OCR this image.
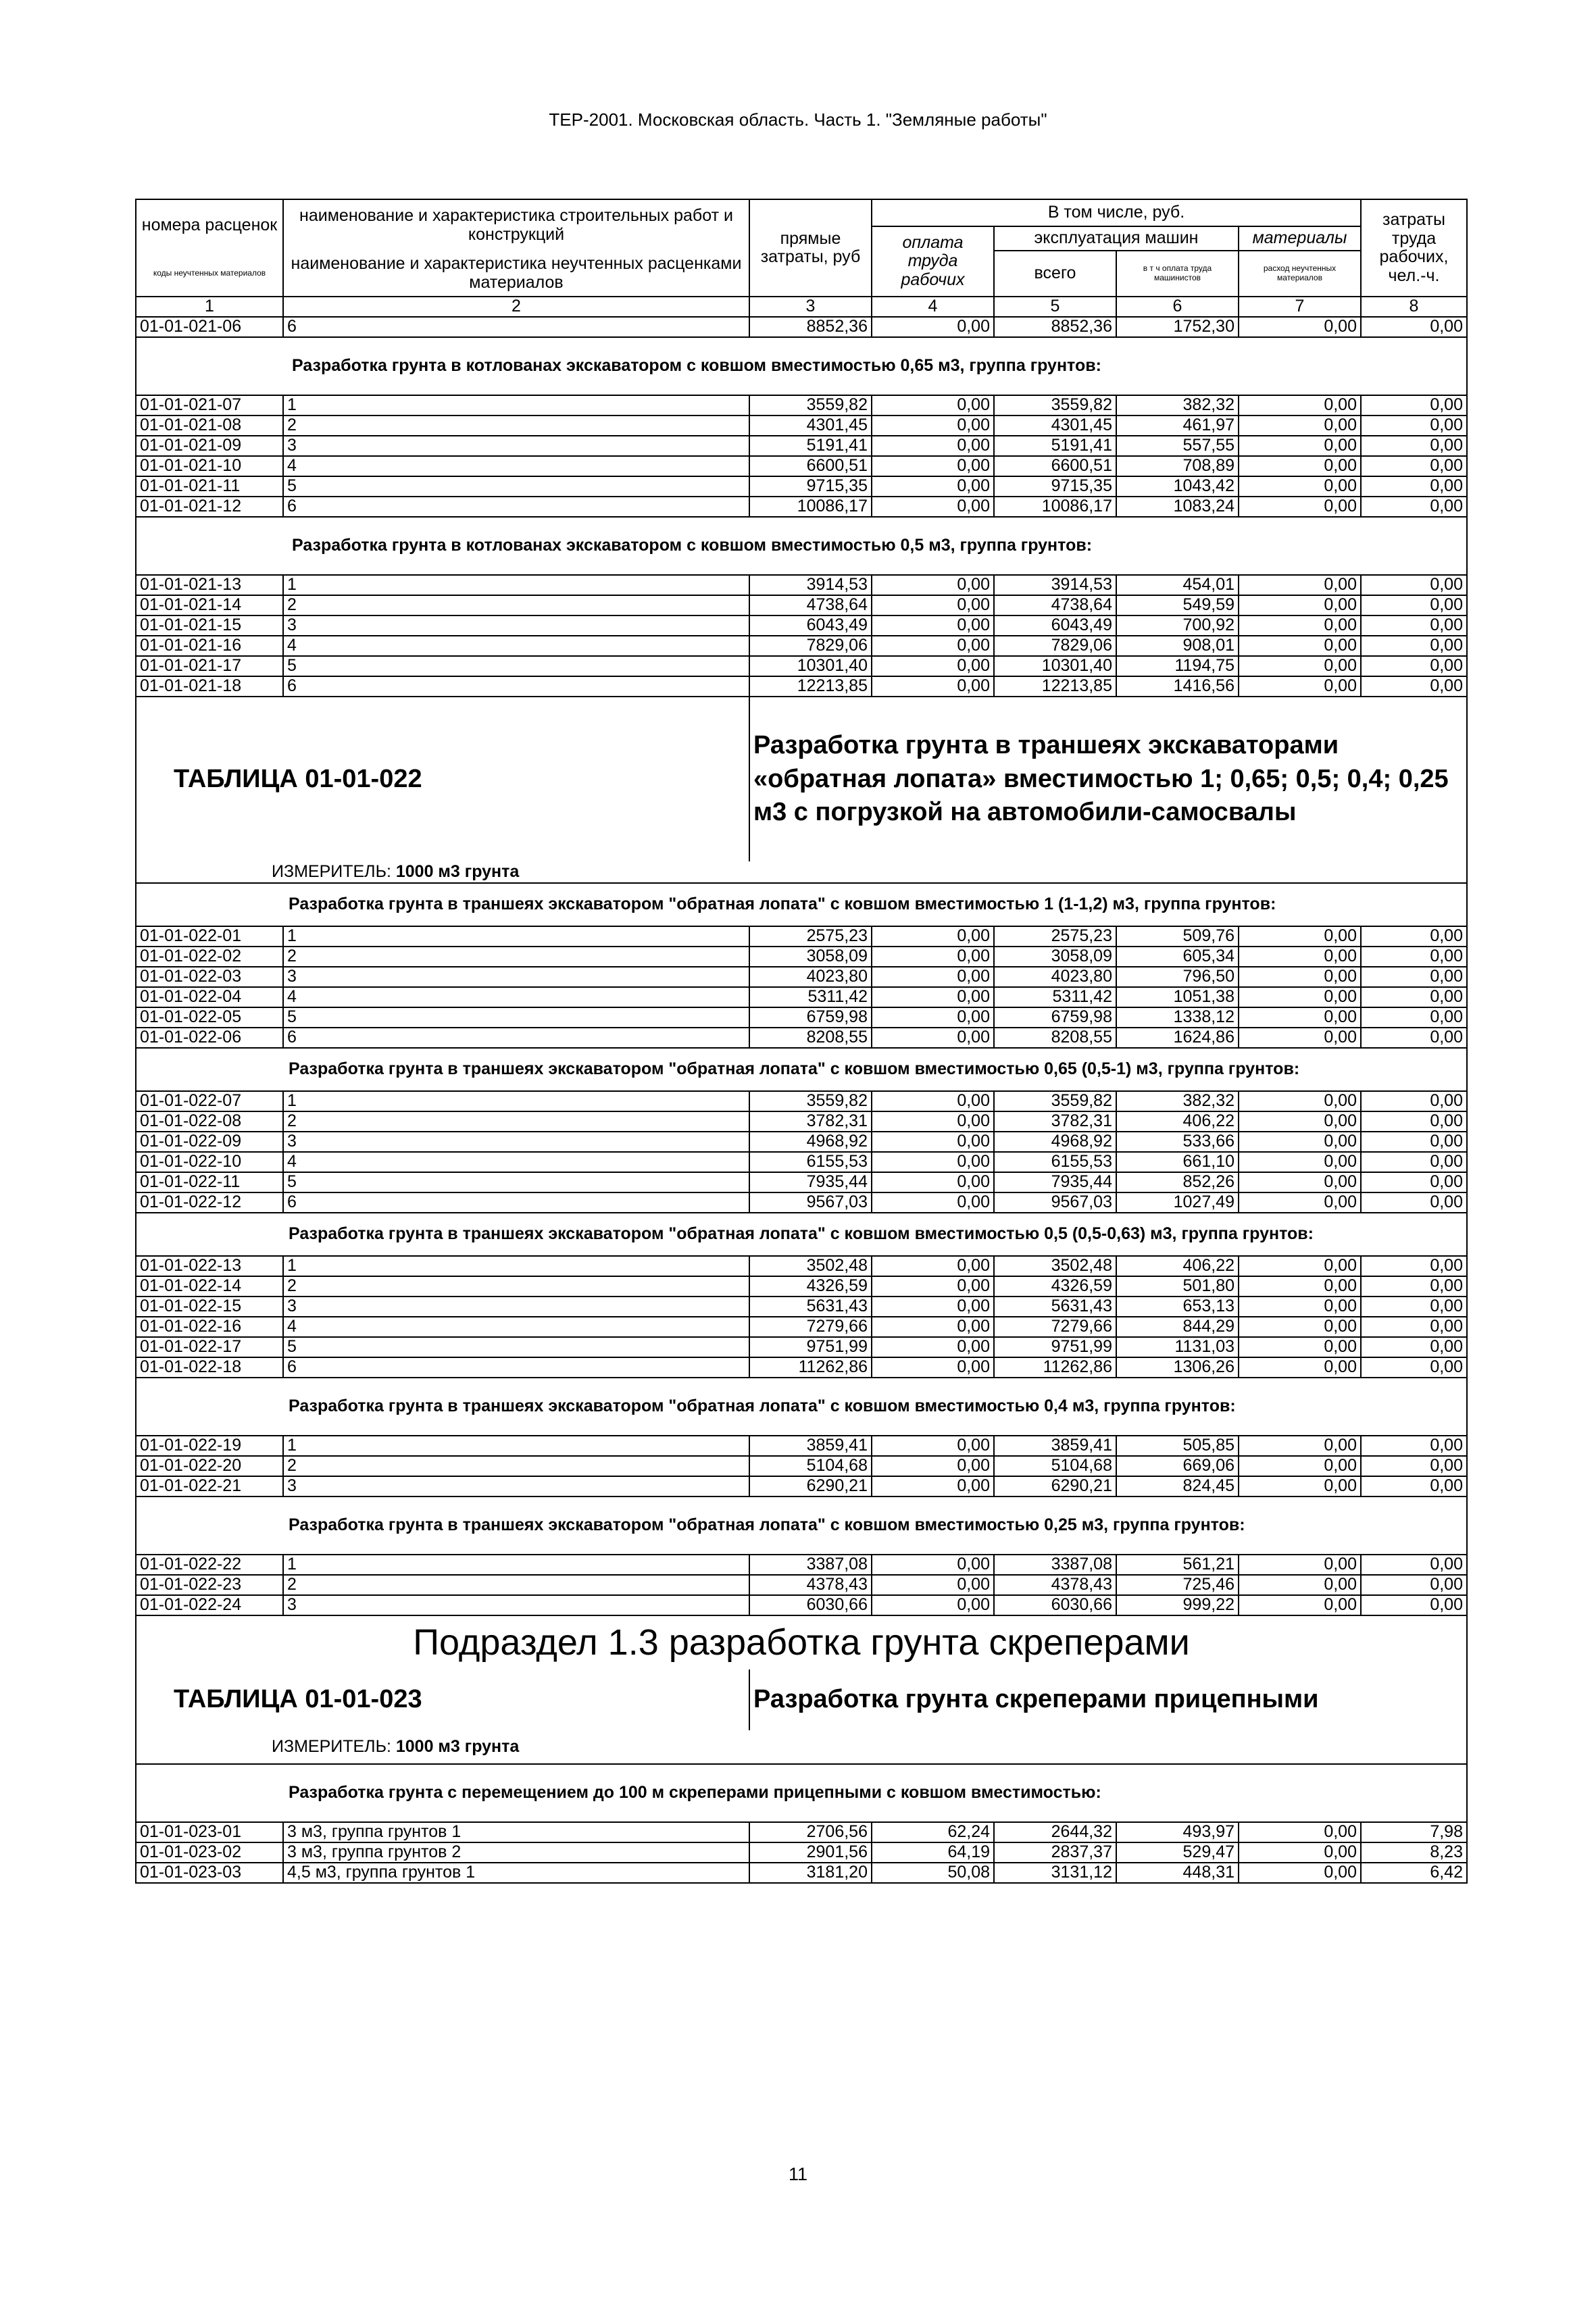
ТЕР-2001. Московская область. Часть 1. "Земляные работы"
номера расценок	наименование и характеристика строительных работ и конструкций	прямые затраты, руб	В том числе, руб.				затраты труда рабочих, чел.-ч.
			оплата труда рабочих	эксплуатация машин		материалы	
коды неучтенных материалов	наименование и характеристика неучтенных расценками материалов			всего	в т ч оплата труда машинистов	расход неучтенных материалов	

1	2	3	4	5	6	7	8
01-01-021-06	6	8852,36	0,00	8852,36	1752,30	0,00	0,00
Разработка грунта в котлованах экскаватором с ковшом вместимостью 0,65 м3, группа грунтов:							
01-01-021-07	1	3559,82	0,00	3559,82	382,32	0,00	0,00
01-01-021-08	2	4301,45	0,00	4301,45	461,97	0,00	0,00
01-01-021-09	3	5191,41	0,00	5191,41	557,55	0,00	0,00
01-01-021-10	4	6600,51	0,00	6600,51	708,89	0,00	0,00
01-01-021-11	5	9715,35	0,00	9715,35	1043,42	0,00	0,00
01-01-021-12	6	10086,17	0,00	10086,17	1083,24	0,00	0,00
Разработка грунта в котлованах экскаватором с ковшом вместимостью 0,5 м3, группа грунтов:							
01-01-021-13	1	3914,53	0,00	3914,53	454,01	0,00	0,00
01-01-021-14	2	4738,64	0,00	4738,64	549,59	0,00	0,00
01-01-021-15	3	6043,49	0,00	6043,49	700,92	0,00	0,00
01-01-021-16	4	7829,06	0,00	7829,06	908,01	0,00	0,00
01-01-021-17	5	10301,40	0,00	10301,40	1194,75	0,00	0,00
01-01-021-18	6	12213,85	0,00	12213,85	1416,56	0,00	0,00
ТАБЛИЦА 01-01-022		Разработка грунта в траншеях экскаваторами «обратная лопата» вместимостью 1; 0,65; 0,5; 0,4; 0,25 м3 с погрузкой на автомобили-самосвалы					
ИЗМЕРИТЕЛЬ: 1000 м3 грунта							
Разработка грунта в траншеях экскаватором "обратная лопата" с ковшом вместимостью 1 (1-1,2) м3, группа грунтов:							
01-01-022-01	1	2575,23	0,00	2575,23	509,76	0,00	0,00
01-01-022-02	2	3058,09	0,00	3058,09	605,34	0,00	0,00
01-01-022-03	3	4023,80	0,00	4023,80	796,50	0,00	0,00
01-01-022-04	4	5311,42	0,00	5311,42	1051,38	0,00	0,00
01-01-022-05	5	6759,98	0,00	6759,98	1338,12	0,00	0,00
01-01-022-06	6	8208,55	0,00	8208,55	1624,86	0,00	0,00
Разработка грунта в траншеях экскаватором "обратная лопата" с ковшом вместимостью 0,65 (0,5-1) м3, группа грунтов:							
01-01-022-07	1	3559,82	0,00	3559,82	382,32	0,00	0,00
01-01-022-08	2	3782,31	0,00	3782,31	406,22	0,00	0,00
01-01-022-09	3	4968,92	0,00	4968,92	533,66	0,00	0,00
01-01-022-10	4	6155,53	0,00	6155,53	661,10	0,00	0,00
01-01-022-11	5	7935,44	0,00	7935,44	852,26	0,00	0,00
01-01-022-12	6	9567,03	0,00	9567,03	1027,49	0,00	0,00
Разработка грунта в траншеях экскаватором "обратная лопата" с ковшом вместимостью 0,5 (0,5-0,63) м3, группа грунтов:							
01-01-022-13	1	3502,48	0,00	3502,48	406,22	0,00	0,00
01-01-022-14	2	4326,59	0,00	4326,59	501,80	0,00	0,00
01-01-022-15	3	5631,43	0,00	5631,43	653,13	0,00	0,00
01-01-022-16	4	7279,66	0,00	7279,66	844,29	0,00	0,00
01-01-022-17	5	9751,99	0,00	9751,99	1131,03	0,00	0,00
01-01-022-18	6	11262,86	0,00	11262,86	1306,26	0,00	0,00
Разработка грунта в траншеях экскаватором "обратная лопата" с ковшом вместимостью 0,4 м3, группа грунтов:							
01-01-022-19	1	3859,41	0,00	3859,41	505,85	0,00	0,00
01-01-022-20	2	5104,68	0,00	5104,68	669,06	0,00	0,00
01-01-022-21	3	6290,21	0,00	6290,21	824,45	0,00	0,00
Разработка грунта в траншеях экскаватором "обратная лопата" с ковшом вместимостью 0,25 м3, группа грунтов:							
01-01-022-22	1	3387,08	0,00	3387,08	561,21	0,00	0,00
01-01-022-23	2	4378,43	0,00	4378,43	725,46	0,00	0,00
01-01-022-24	3	6030,66	0,00	6030,66	999,22	0,00	0,00
Подраздел 1.3 разработка грунта скреперами							
ТАБЛИЦА 01-01-023		Разработка грунта скреперами прицепными					
ИЗМЕРИТЕЛЬ: 1000 м3 грунта							
Разработка грунта с перемещением до 100 м скреперами прицепными с ковшом вместимостью:							
01-01-023-01	3 м3, группа грунтов 1	2706,56	62,24	2644,32	493,97	0,00	7,98
01-01-023-02	3 м3, группа грунтов 2	2901,56	64,19	2837,37	529,47	0,00	8,23
01-01-023-03	4,5 м3, группа грунтов 1	3181,20	50,08	3131,12	448,31	0,00	6,42
11
